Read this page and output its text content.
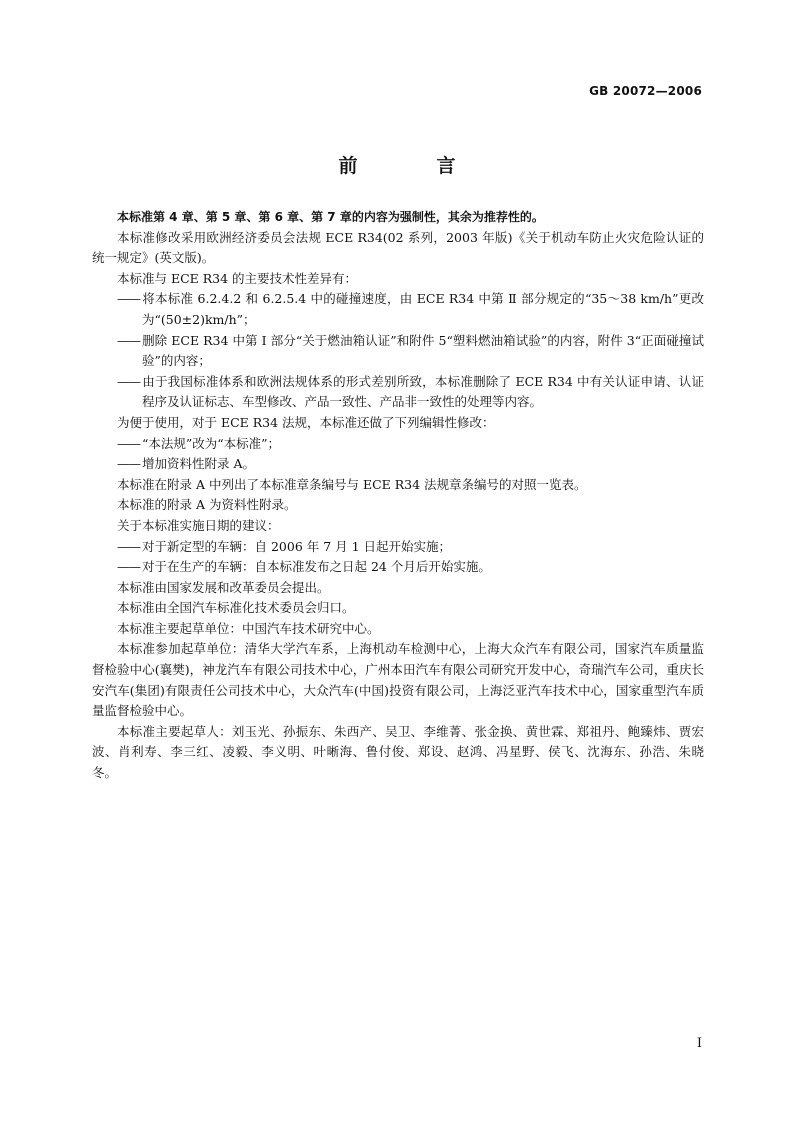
GB 20072—2006
前　言

本标准第 4 章、第 5 章、第 6 章、第 7 章的内容为强制性，其余为推荐性的。

本标准修改采用欧洲经济委员会法规 ECE R34(02 系列，2003 年版)《关于机动车防止火灾危险认证的统一规定》(英文版)。

本标准与 ECE R34 的主要技术性差异有：

—— 将本标准 6.2.4.2 和 6.2.5.4 中的碰撞速度，由 ECE R34 中第 Ⅱ 部分规定的“35～38 km/h”更改为“(50±2)km/h”；
—— 删除 ECE R34 中第 Ⅰ 部分“关于燃油箱认证”和附件 5“塑料燃油箱试验”的内容，附件 3“正面碰撞试验”的内容；
—— 由于我国标准体系和欧洲法规体系的形式差别所致，本标准删除了 ECE R34 中有关认证申请、认证程序及认证标志、车型修改、产品一致性、产品非一致性的处理等内容。

为便于使用，对于 ECE R34 法规，本标准还做了下列编辑性修改：

—— “本法规”改为“本标准”；
—— 增加资料性附录 A。

本标准在附录 A 中列出了本标准章条编号与 ECE R34 法规章条编号的对照一览表。

本标准的附录 A 为资料性附录。

关于本标准实施日期的建议：

—— 对于新定型的车辆：自 2006 年 7 月 1 日起开始实施；
—— 对于在生产的车辆：自本标准发布之日起 24 个月后开始实施。

本标准由国家发展和改革委员会提出。

本标准由全国汽车标准化技术委员会归口。

本标准主要起草单位：中国汽车技术研究中心。

本标准参加起草单位：清华大学汽车系，上海机动车检测中心，上海大众汽车有限公司，国家汽车质量监督检验中心(襄樊)，神龙汽车有限公司技术中心，广州本田汽车有限公司研究开发中心，奇瑞汽车公司，重庆长安汽车(集团)有限责任公司技术中心，大众汽车(中国)投资有限公司，上海泛亚汽车技术中心，国家重型汽车质量监督检验中心。

本标准主要起草人：刘玉光、孙振东、朱西产、吴卫、李维菁、张金换、黄世霖、郑祖丹、鲍臻炜、贾宏波、肖利寿、李三红、凌毅、李义明、叶晰海、鲁付俊、郑设、赵鸿、冯星野、侯飞、沈海东、孙浩、朱晓冬。

I
